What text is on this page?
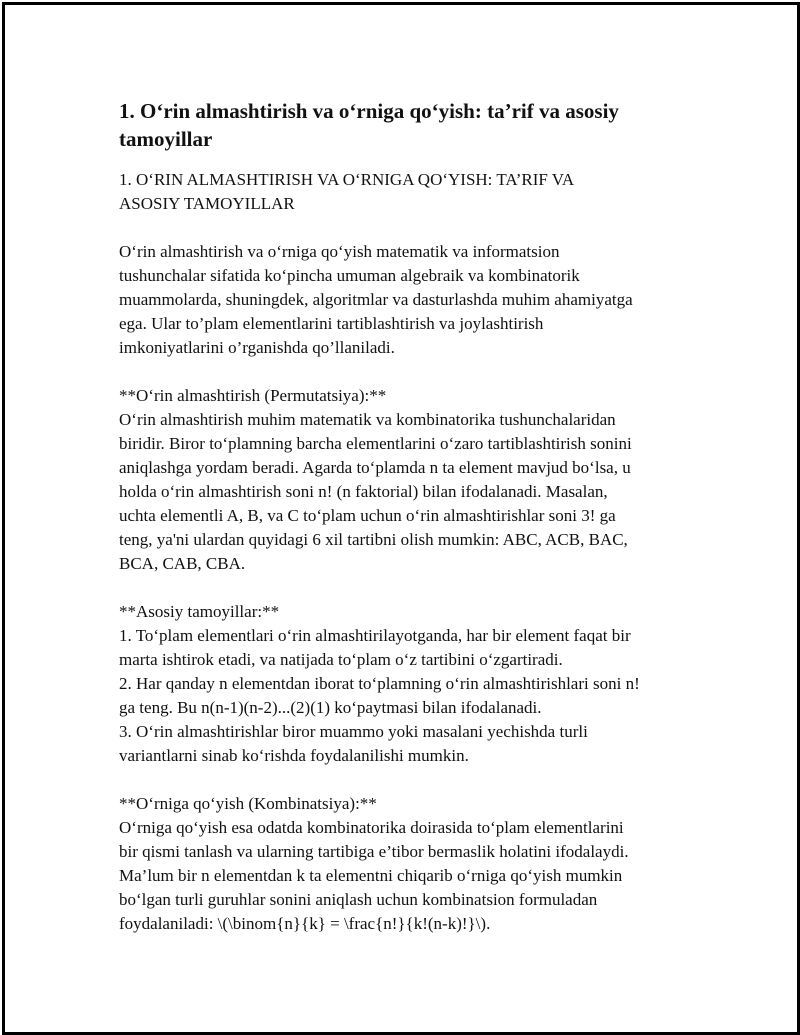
1. O‘rin almashtirish va o‘rniga qo‘yish: ta’rif va asosiy
tamoyillar

1. O‘RIN ALMASHTIRISH VA O‘RNIGA QO‘YISH: TA’RIF VA
ASOSIY TAMOYILLAR

O‘rin almashtirish va o‘rniga qo‘yish matematik va informatsion
tushunchalar sifatida ko‘pincha umuman algebraik va kombinatorik
muammolarda, shuningdek, algoritmlar va dasturlashda muhim ahamiyatga
ega. Ular to’plam elementlarini tartiblashtirish va joylashtirish
imkoniyatlarini o’rganishda qo’llaniladi.

**O‘rin almashtirish (Permutatsiya):**
O‘rin almashtirish muhim matematik va kombinatorika tushunchalaridan
biridir. Biror to‘plamning barcha elementlarini o‘zaro tartiblashtirish sonini
aniqlashga yordam beradi. Agarda to‘plamda n ta element mavjud bo‘lsa, u
holda o‘rin almashtirish soni n! (n faktorial) bilan ifodalanadi. Masalan,
uchta elementli A, B, va C to‘plam uchun o‘rin almashtirishlar soni 3! ga
teng, ya'ni ulardan quyidagi 6 xil tartibni olish mumkin: ABC, ACB, BAC,
BCA, CAB, CBA.

**Asosiy tamoyillar:**
1. To‘plam elementlari o‘rin almashtirilayotganda, har bir element faqat bir
marta ishtirok etadi, va natijada to‘plam o‘z tartibini o‘zgartiradi.
2. Har qanday n elementdan iborat to‘plamning o‘rin almashtirishlari soni n!
ga teng. Bu n(n-1)(n-2)...(2)(1) ko‘paytmasi bilan ifodalanadi.
3. O‘rin almashtirishlar biror muammo yoki masalani yechishda turli
variantlarni sinab ko‘rishda foydalanilishi mumkin.

**O‘rniga qo‘yish (Kombinatsiya):**
O‘rniga qo‘yish esa odatda kombinatorika doirasida to‘plam elementlarini
bir qismi tanlash va ularning tartibiga e’tibor bermaslik holatini ifodalaydi.
Ma’lum bir n elementdan k ta elementni chiqarib o‘rniga qo‘yish mumkin
bo‘lgan turli guruhlar sonini aniqlash uchun kombinatsion formuladan
foydalaniladi: \(\binom{n}{k} = \frac{n!}{k!(n-k)!}\).
